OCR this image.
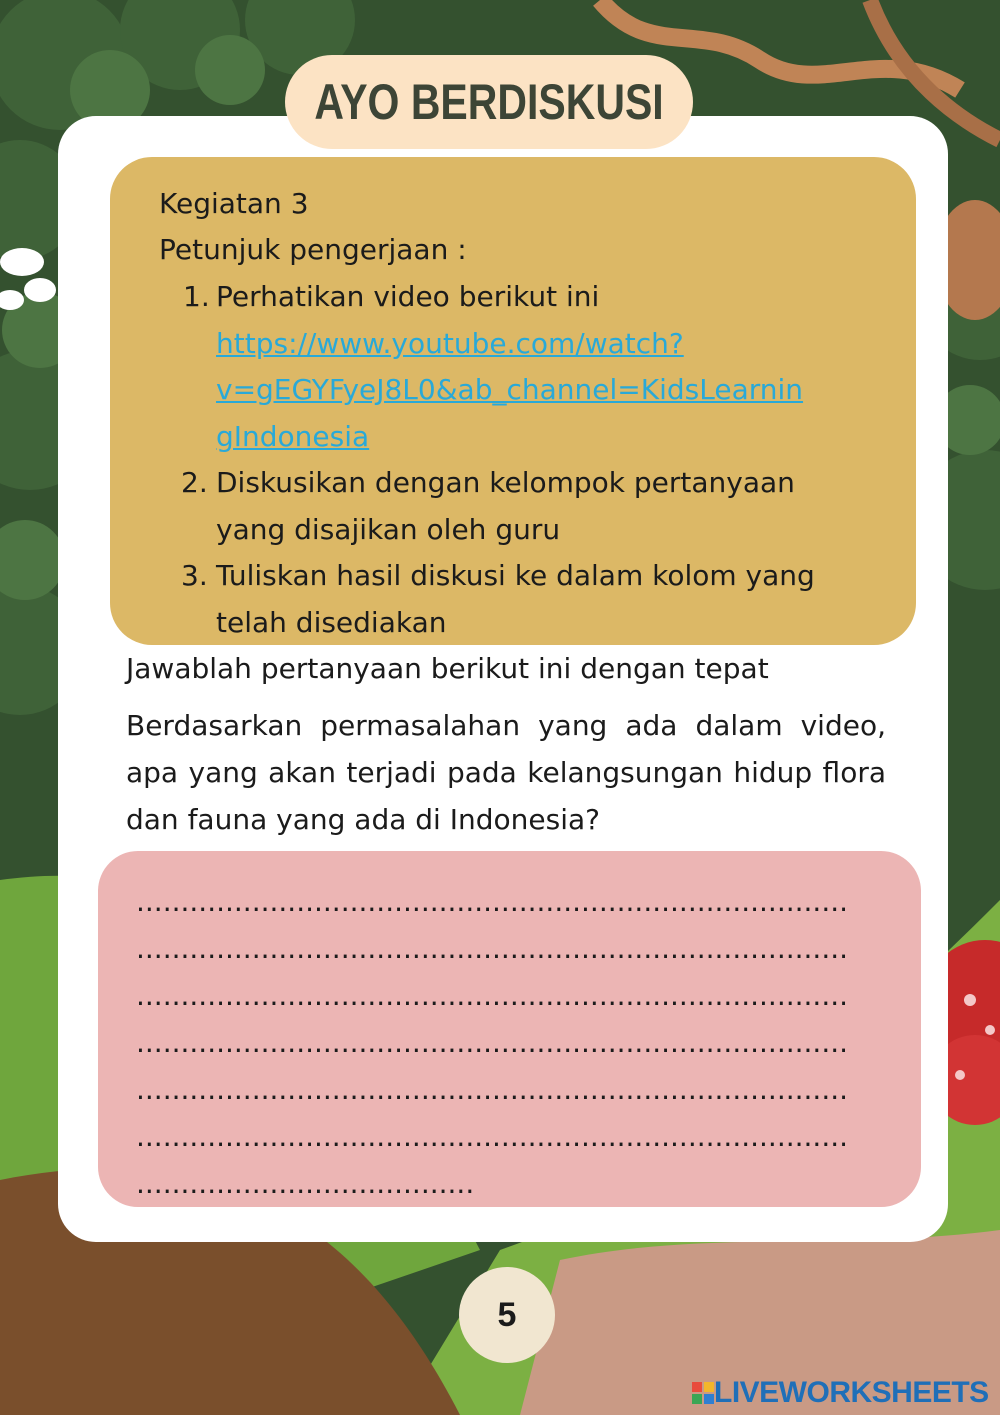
AYO BERDISKUSI
Kegiatan 3
Petunjuk pengerjaan :
1. Perhatikan video berikut ini
https://www.youtube.com/watch?
v=gEGYFyeJ8L0&ab_channel=KidsLearnin
gIndonesia
2. Diskusikan dengan kelompok pertanyaan
yang disajikan oleh guru
3. Tuliskan hasil diskusi ke dalam kolom yang
telah disediakan
Jawablah pertanyaan berikut ini dengan tepat
Berdasarkan permasalahan yang ada dalam video, apa yang akan terjadi pada kelangsungan hidup flora dan fauna yang ada di Indonesia?
................................................................................
................................................................................
................................................................................
................................................................................
................................................................................
................................................................................
......................................
5
LIVEWORKSHEETS
